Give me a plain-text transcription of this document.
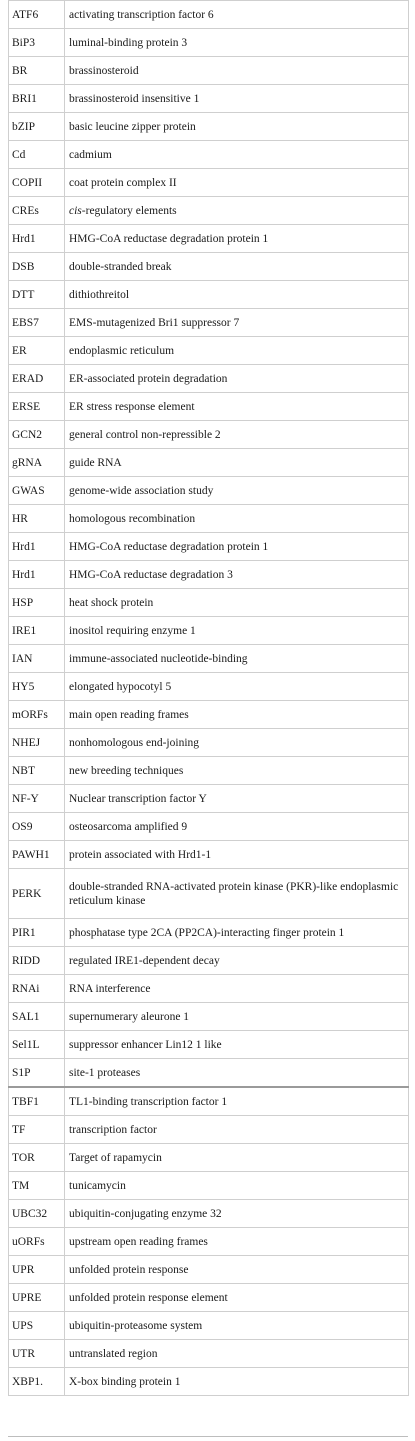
ATF6	activating transcription factor 6
BiP3	luminal-binding protein 3
BR	brassinosteroid
BRI1	brassinosteroid insensitive 1
bZIP	basic leucine zipper protein
Cd	cadmium
COPII	coat protein complex II
CREs	cis-regulatory elements
Hrd1	HMG-CoA reductase degradation protein 1
DSB	double-stranded break
DTT	dithiothreitol
EBS7	EMS-mutagenized Bri1 suppressor 7
ER	endoplasmic reticulum
ERAD	ER-associated protein degradation
ERSE	ER stress response element
GCN2	general control non-repressible 2
gRNA	guide RNA
GWAS	genome-wide association study
HR	homologous recombination
Hrd1	HMG-CoA reductase degradation protein 1
Hrd1	HMG-CoA reductase degradation 3
HSP	heat shock protein
IRE1	inositol requiring enzyme 1
IAN	immune-associated nucleotide-binding
HY5	elongated hypocotyl 5
mORFs	main open reading frames
NHEJ	nonhomologous end-joining
NBT	new breeding techniques
NF-Y	Nuclear transcription factor Y
OS9	osteosarcoma amplified 9
PAWH1	protein associated with Hrd1-1
PERK	double-stranded RNA-activated protein kinase (PKR)-like endoplasmic reticulum kinase
PIR1	phosphatase type 2CA (PP2CA)-interacting finger protein 1
RIDD	regulated IRE1-dependent decay
RNAi	RNA interference
SAL1	supernumerary aleurone 1
Sel1L	suppressor enhancer Lin12 1 like
S1P	site-1 proteases
TBF1	TL1-binding transcription factor 1
TF	transcription factor
TOR	Target of rapamycin
TM	tunicamycin
UBC32	ubiquitin-conjugating enzyme 32
uORFs	upstream open reading frames
UPR	unfolded protein response
UPRE	unfolded protein response element
UPS	ubiquitin-proteasome system
UTR	untranslated region
XBP1.	X-box binding protein 1
